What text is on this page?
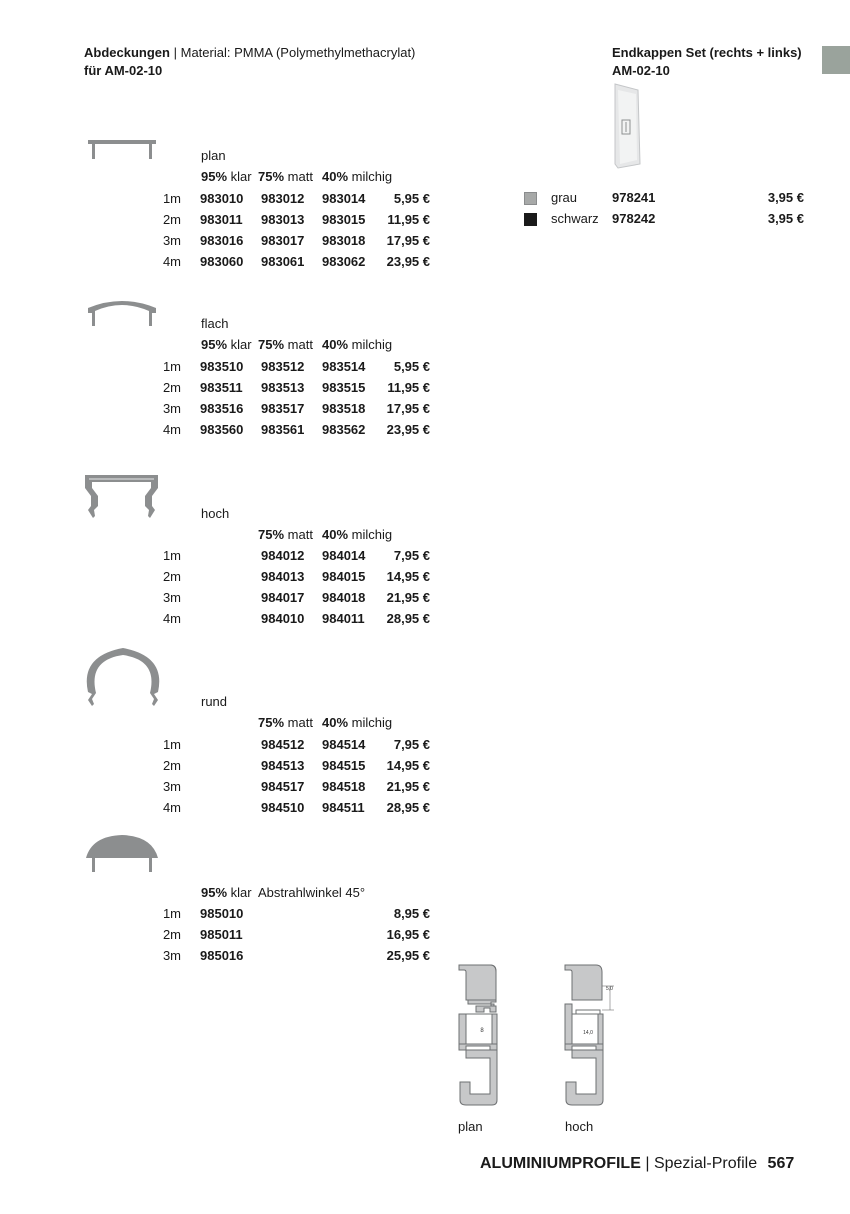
Abdeckungen | Material: PMMA (Polymethylmethacrylat)
für AM-02-10
Endkappen Set (rechts + links)
AM-02-10
grau	978241	3,95 €
schwarz 978242	3,95 €
plan
95% klar 75% matt 40% milchig
1m 983010 983012 983014	5,95 €
2m 983011 983013 983015	11,95 €
3m 983016 983017 983018	17,95 €
4m 983060 983061 983062	23,95 €
flach
95% klar 75% matt 40% milchig
1m 983510 983512 983514	5,95 €
2m 983511 983513 983515	11,95 €
3m 983516 983517 983518	17,95 €
4m 983560 983561 983562	23,95 €
hoch
75% matt 40% milchig
1m	984012 984014	7,95 €
2m	984013 984015	14,95 €
3m	984017 984018	21,95 €
4m	984010 984011	28,95 €
rund
75% matt 40% milchig
1m	984512 984514	7,95 €
2m	984513 984515	14,95 €
3m	984517 984518	21,95 €
4m	984510 984511	28,95 €
95% klar Abstrahlwinkel 45°
1m 985010	8,95 €
2m 985011	16,95 €
3m 985016	25,95 €
8
5,0
14,0
plan	hoch
ALUMINIUMPROFILE | Spezial-Profile 567
